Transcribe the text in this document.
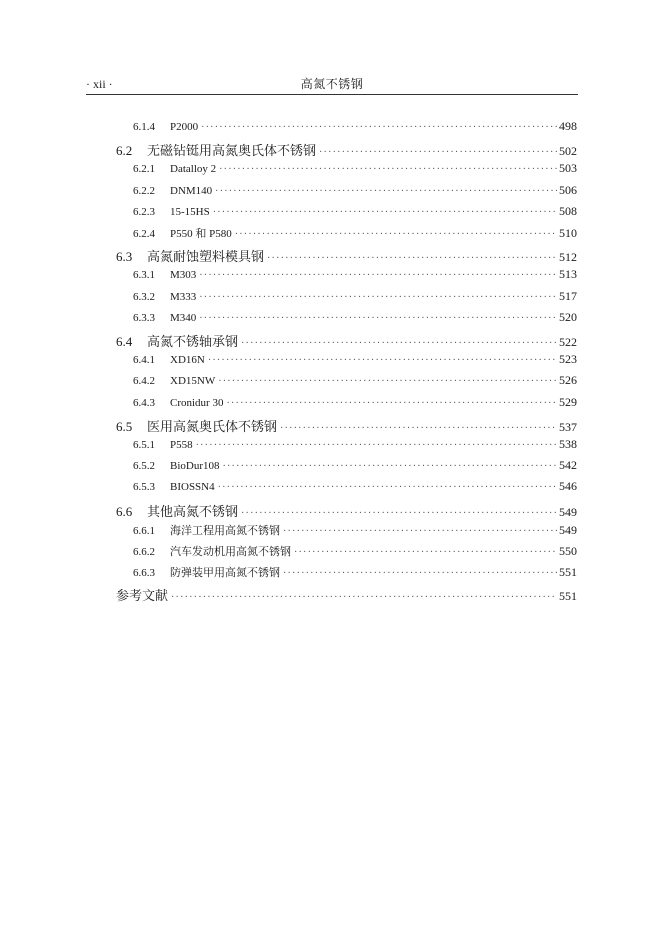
· xii ·	高氮不锈钢
6.1.4	P2000 ·····	498
6.2	无磁钻铤用高氮奥氏体不锈钢 ·····	502
6.2.1	Datalloy 2 ·····	503
6.2.2	DNM140 ·····	506
6.2.3	15-15HS ·····	508
6.2.4	P550 和 P580 ·····	510
6.3	高氮耐蚀塑料模具钢 ·····	512
6.3.1	M303 ·····	513
6.3.2	M333 ·····	517
6.3.3	M340 ·····	520
6.4	高氮不锈轴承钢 ·····	522
6.4.1	XD16N ·····	523
6.4.2	XD15NW ·····	526
6.4.3	Cronidur 30 ·····	529
6.5	医用高氮奥氏体不锈钢 ·····	537
6.5.1	P558 ·····	538
6.5.2	BioDur108 ·····	542
6.5.3	BIOSSN4 ·····	546
6.6	其他高氮不锈钢 ·····	549
6.6.1	海洋工程用高氮不锈钢 ·····	549
6.6.2	汽车发动机用高氮不锈钢 ·····	550
6.6.3	防弹装甲用高氮不锈钢 ·····	551
参考文献 ·····	551
